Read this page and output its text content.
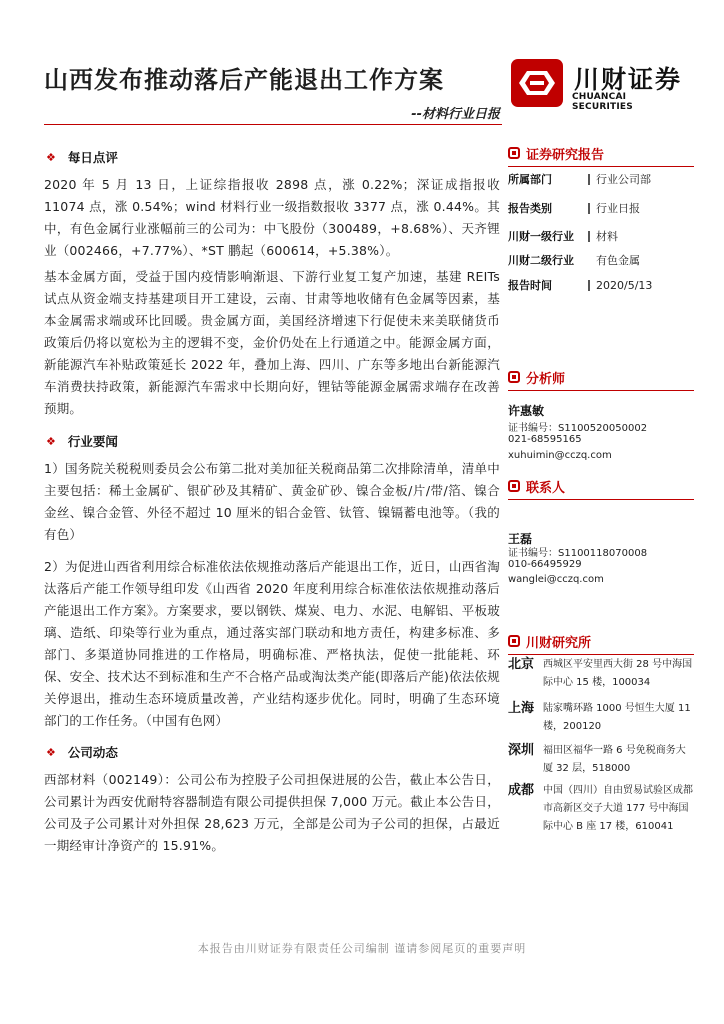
山西发布推动落后产能退出工作方案	川财证券
CHUANCAI SECURITIES
--材料行业日报
❖ 每日点评

2020 年 5 月 13 日，上证综指报收 2898 点，涨 0.22%；深证成指报收 11074 点，涨 0.54%；wind 材料行业一级指数报收 3377 点，涨 0.44%。其中，有色金属行业涨幅前三的公司为：中飞股份（300489，+8.68%）、天齐锂业（002466，+7.77%）、*ST 鹏起（600614，+5.38%）。

基本金属方面，受益于国内疫情影响渐退、下游行业复工复产加速，基建 REITs 试点从资金端支持基建项目开工建设，云南、甘肃等地收储有色金属等因素，基本金属需求端或环比回暖。贵金属方面，美国经济增速下行促使未来美联储货币政策后仍将以宽松为主的逻辑不变，金价仍处在上行通道之中。能源金属方面，新能源汽车补贴政策延长 2022 年，叠加上海、四川、广东等多地出台新能源汽车消费扶持政策，新能源汽车需求中长期向好，锂钴等能源金属需求端存在改善预期。

❖ 行业要闻

1）国务院关税税则委员会公布第二批对美加征关税商品第二次排除清单，清单中主要包括：稀土金属矿、银矿砂及其精矿、黄金矿砂、镍合金板/片/带/箔、镍合金丝、镍合金管、外径不超过 10 厘米的铝合金管、钛管、镍镉蓄电池等。（我的有色）

2）为促进山西省利用综合标准依法依规推动落后产能退出工作，近日，山西省淘汰落后产能工作领导组印发《山西省 2020 年度利用综合标准依法依规推动落后产能退出工作方案》。方案要求，要以钢铁、煤炭、电力、水泥、电解铝、平板玻璃、造纸、印染等行业为重点，通过落实部门联动和地方责任，构建多标准、多部门、多渠道协同推进的工作格局，明确标准、严格执法，促使一批能耗、环保、安全、技术达不到标准和生产不合格产品或淘汰类产能(即落后产能)依法依规关停退出，推动生态环境质量改善，产业结构逐步优化。同时，明确了生态环境部门的工作任务。（中国有色网）

❖ 公司动态

西部材料（002149）：公司公布为控股子公司担保进展的公告，截止本公告日，公司累计为西安优耐特容器制造有限公司提供担保 7,000 万元。截止本公告日，公司及子公司累计对外担保 28,623 万元，全部是公司为子公司的担保，占最近一期经审计净资产的 15.91%。

证券研究报告
所属部门	行业公司部
报告类别	行业日报
川财一级行业	材料
川财二级行业	有色金属
报告时间	2020/5/13
分析师
许惠敏
证书编号：S1100520050002
021-68595165
xuhuimin@cczq.com
联系人
王磊
证书编号：S1100118070008
010-66495929
wanglei@cczq.com
川财研究所
北京 西城区平安里西大街 28 号中海国际中心 15 楼，100034
上海 陆家嘴环路 1000 号恒生大厦 11 楼，200120
深圳 福田区福华一路 6 号免税商务大厦 32 层，518000
成都 中国（四川）自由贸易试验区成都市高新区交子大道 177 号中海国际中心 B 座 17 楼，610041
本报告由川财证券有限责任公司编制 谨请参阅尾页的重要声明
